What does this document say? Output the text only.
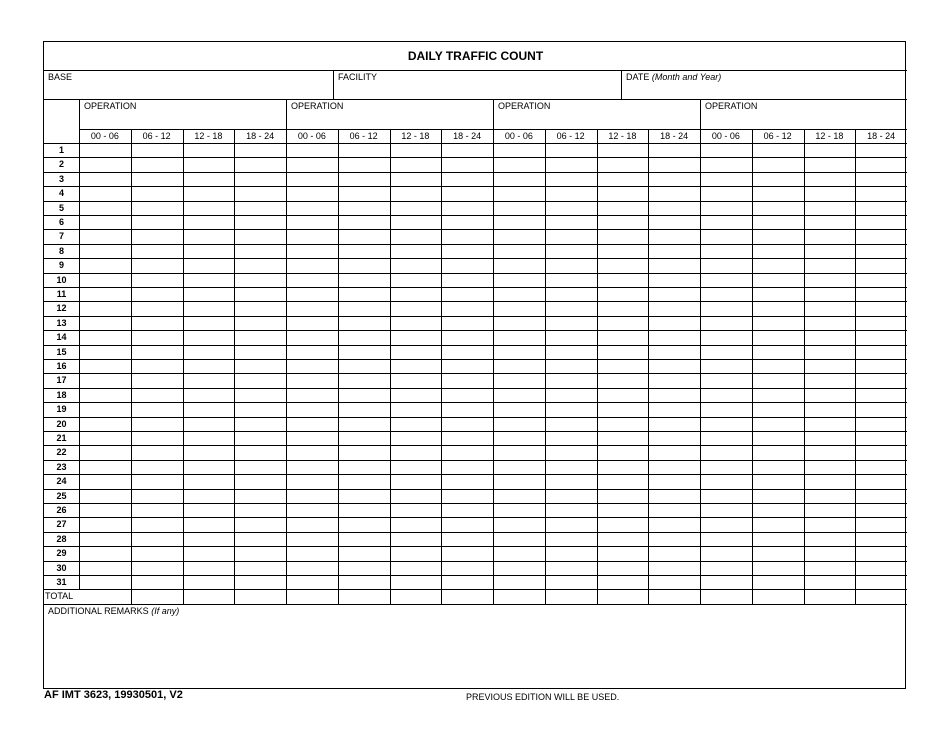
DAILY TRAFFIC COUNT
BASE	FACILITY	DATE (Month and Year)
OPERATION	OPERATION	OPERATION	OPERATION
00 - 06	06 - 12	12 - 18	18 - 24	00 - 06	06 - 12	12 - 18	18 - 24	00 - 06	06 - 12	12 - 18	18 - 24	00 - 06	06 - 12	12 - 18	18 - 24
1
2
3
4
5
6
7
8
9
10
11
12
13
14
15
16
17
18
19
20
21
22
23
24
25
26
27
28
29
30
31
TOTAL
ADDITIONAL REMARKS (If any)
AF IMT 3623, 19930501, V2	PREVIOUS EDITION WILL BE USED.
